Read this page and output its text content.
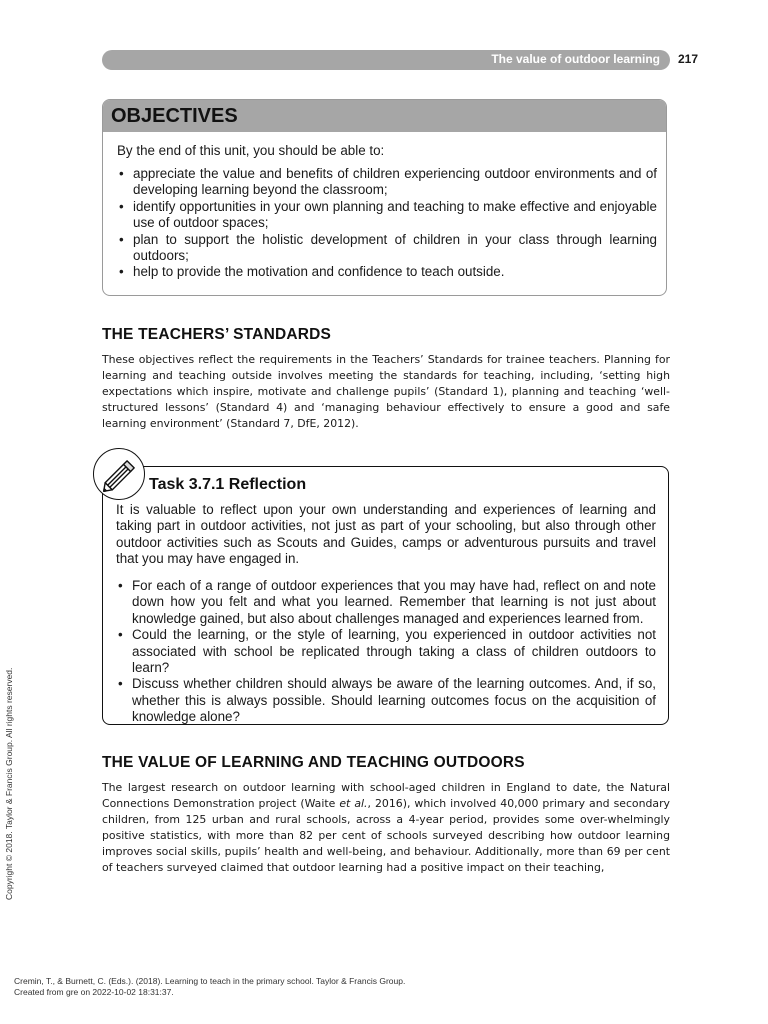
The value of outdoor learning 217
OBJECTIVES
By the end of this unit, you should be able to:
• appreciate the value and benefits of children experiencing outdoor environments and of developing learning beyond the classroom;
• identify opportunities in your own planning and teaching to make effective and enjoyable use of outdoor spaces;
• plan to support the holistic development of children in your class through learning outdoors;
• help to provide the motivation and confidence to teach outside.
THE TEACHERS’ STANDARDS

These objectives reflect the requirements in the Teachers’ Standards for trainee teachers. Planning for learning and teaching outside involves meeting the standards for teaching, including, ‘setting high expectations which inspire, motivate and challenge pupils’ (Standard 1), planning and teaching ‘well-structured lessons’ (Standard 4) and ‘managing behaviour effectively to ensure a good and safe learning environment’ (Standard 7, DfE, 2012).

Task 3.7.1 Reflection

It is valuable to reflect upon your own understanding and experiences of learning and taking part in outdoor activities, not just as part of your schooling, but also through other outdoor activities such as Scouts and Guides, camps or adventurous pursuits and travel that you may have engaged in.

• For each of a range of outdoor experiences that you may have had, reflect on and note down how you felt and what you learned. Remember that learning is not just about knowledge gained, but also about challenges managed and experiences learned from.
• Could the learning, or the style of learning, you experienced in outdoor activities not associated with school be replicated through taking a class of children outdoors to learn?
• Discuss whether children should always be aware of the learning outcomes. And, if so, whether this is always possible. Should learning outcomes focus on the acquisition of knowledge alone?
THE VALUE OF LEARNING AND TEACHING OUTDOORS

The largest research on outdoor learning with school-aged children in England to date, the Natural Connections Demonstration project (Waite et al., 2016), which involved 40,000 primary and secondary children, from 125 urban and rural schools, across a 4-year period, provides some over-whelmingly positive statistics, with more than 82 per cent of schools surveyed describing how outdoor learning improves social skills, pupils’ health and well-being, and behaviour. Additionally, more than 69 per cent of teachers surveyed claimed that outdoor learning had a positive impact on their teaching,

Copyright © 2018. Taylor & Francis Group. All rights reserved.
Cremin, T., & Burnett, C. (Eds.). (2018). Learning to teach in the primary school. Taylor & Francis Group.
Created from gre on 2022-10-02 18:31:37.
